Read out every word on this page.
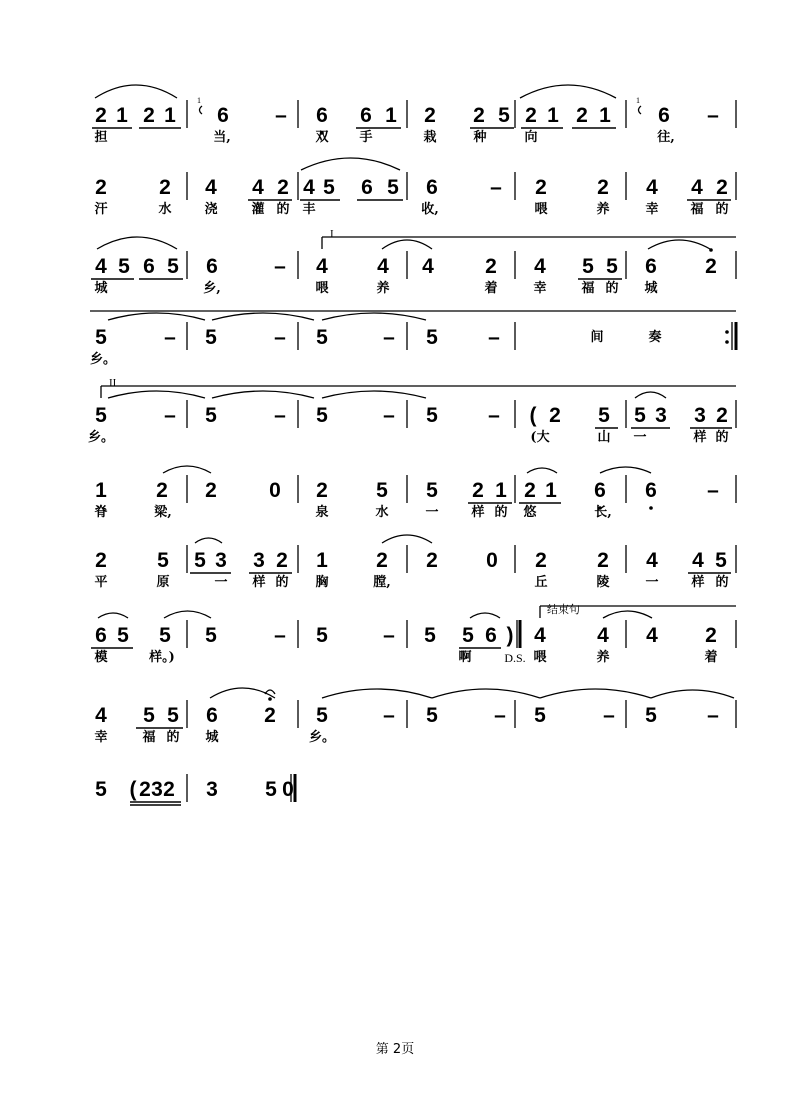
2 1 2 1 6 – 6 6 1 2 2 5 2 1 2 1 6 –
担	当,	双 手	栽	种	向	往,
2 2 4 4 2 4 5 6 5 6 – 2 2 4 4 2
汗	水	浇	灌 的 丰	收,	喂	养	幸 福 的
4 5 6 5 6	– 4 4 4 2 4 5 5 6 2
城	乡,	喂	养	着	幸	福 的 城
I
5	– 5	– 5	– 5 –
乡。
间	奏
5	– 5	– 5	– 5 – ( 2 5 5 3 3 2
乡。	(大	山 一	样 的
II
1 2 2 0 2 5 5 2 1 2 1 6 6 –
脊	梁,	泉	水	一	样 的 悠	长,
2 5 5 3 3 2 1 2 2 0 2 2 4 4 5
平	原	一 样 的 胸	膛,	丘	陵	一	样 的
6 5 5 5	– 5	– 5 5 6 ) 4 4 4 2
模	样。)	啊	喂	养	着
D.S.
结束句
4 5 5 6 2 5	– 5	– 5	– 5 –
幸	福 的 城	乡。
5 ( 2 3 2 3 5 0
1	1
第 2页
